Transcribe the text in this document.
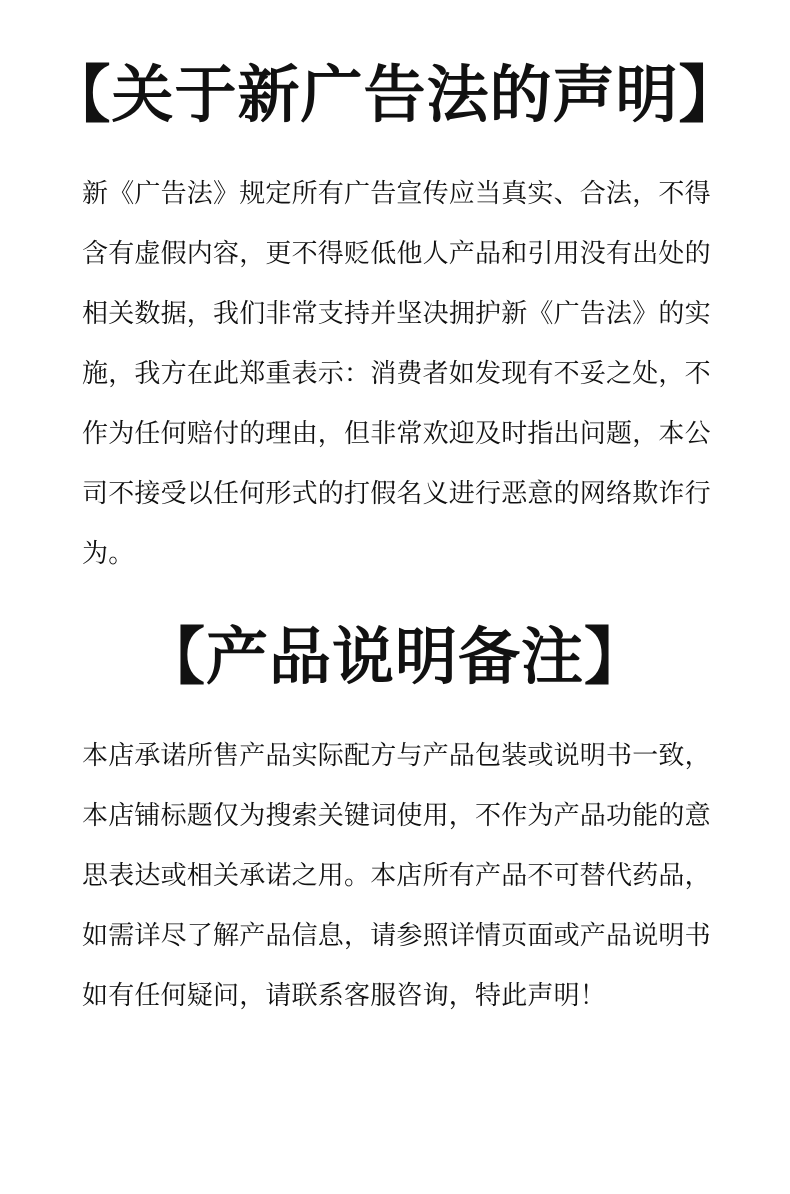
【关于新广告法的声明】
新《广告法》规定所有广告宣传应当真实、合法，不得
含有虚假内容，更不得贬低他人产品和引用没有出处的
相关数据，我们非常支持并坚决拥护新《广告法》的实
施，我方在此郑重表示：消费者如发现有不妥之处，不
作为任何赔付的理由，但非常欢迎及时指出问题，本公
司不接受以任何形式的打假名义进行恶意的网络欺诈行
为。
【产品说明备注】
本店承诺所售产品实际配方与产品包装或说明书一致，
本店铺标题仅为搜索关键词使用，不作为产品功能的意
思表达或相关承诺之用。本店所有产品不可替代药品，
如需详尽了解产品信息，请参照详情页面或产品说明书
如有任何疑问，请联系客服咨询，特此声明！
